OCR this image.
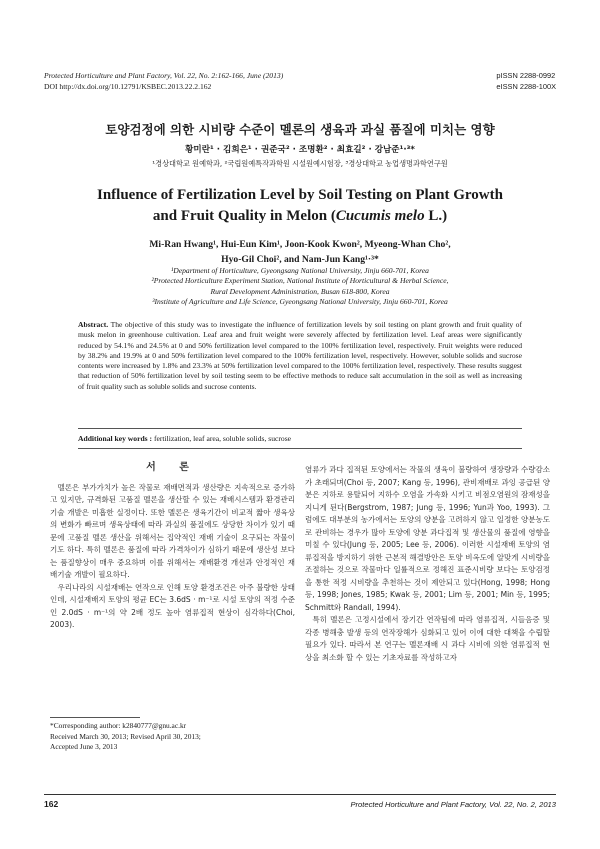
Protected Horticulture and Plant Factory, Vol. 22, No. 2:162-166, June (2013)
DOI http://dx.doi.org/10.12791/KSBEC.2013.22.2.162
pISSN 2288-0992
eISSN 2288-100X
토양검정에 의한 시비량 수준이 멜론의 생육과 과실 품질에 미치는 영향
황미란¹ · 김희은¹ · 권준국² · 조명환² · 최효길² · 강남준¹·³*
¹경상대학교 원예학과, ²국립원예특작과학원 시설원예시험장, ³경상대학교 농업생명과학연구원
Influence of Fertilization Level by Soil Testing on Plant Growth
and Fruit Quality in Melon (Cucumis melo L.)
Mi-Ran Hwang¹, Hui-Eun Kim¹, Joon-Kook Kwon², Myeong-Whan Cho²,
Hyo-Gil Choi², and Nam-Jun Kang¹·³*
¹Department of Horticulture, Gyeongsang National University, Jinju 660-701, Korea
²Protected Horticulture Experiment Station, National Institute of Horticultural & Herbal Science,
Rural Development Administration, Busan 618-800, Korea
³Institute of Agriculture and Life Science, Gyeongsang National University, Jinju 660-701, Korea
Abstract. The objective of this study was to investigate the influence of fertilization levels by soil testing on plant growth and fruit quality of musk melon in greenhouse cultivation. Leaf area and fruit weight were severely affected by fertilization level. Leaf areas were significantly reduced by 54.1% and 24.5% at 0 and 50% fertilization level compared to the 100% fertilization level, respectively. Fruit weights were reduced by 38.2% and 19.9% at 0 and 50% fertilization level compared to the 100% fertilization level, respectively. However, soluble solids and sucrose contents were increased by 1.8% and 23.3% at 50% fertilization level compared to the 100% fertilization level, respectively. These results suggest that reduction of 50% fertilization level by soil testing seem to be effective methods to reduce salt accumulation in the soil as well as increasing of fruit quality such as soluble solids and sucrose contents.
Additional key words : fertilization, leaf area, soluble solids, sucrose
서 론

멜론은 부가가치가 높은 작물로 재배면적과 생산량은 지속적으로 증가하고 있지만, 규격화된 고품질 멜론을 생산할 수 있는 재배시스템과 환경관리 기술 개발은 미흡한 실정이다. 또한 멜론은 생육기간이 비교적 짧아 생육상의 변화가 빠르며 생육상태에 따라 과실의 품질에도 상당한 차이가 있기 때문에 고품질 멜론 생산을 위해서는 집약적인 재배 기술이 요구되는 작물이기도 하다. 특히 멜론은 품질에 따라 가격차이가 심하기 때문에 생산성 보다는 품질향상이 매우 중요하며 이를 위해서는 재배환경 개선과 안정적인 재배기술 개발이 필요하다.

우리나라의 시설재배는 연작으로 인해 토양 환경조건은 아주 불량한 상태인데, 시설재배지 토양의 평균 EC는 3.6dS · m⁻¹로 시설 토양의 적정 수준인 2.0dS · m⁻¹의 약 2배 정도 높아 염류집적 현상이 심각하다(Choi, 2003).

염류가 과다 집적된 토양에서는 작물의 생육이 불량하여 생장량과 수량감소가 초래되며(Choi 등, 2007; Kang 등, 1996), 관비재배로 과잉 공급된 양분은 지하로 용탈되어 지하수 오염을 가속화 시키고 비점오염원의 잠재성을 지니게 된다(Bergstrom, 1987; Jung 등, 1996; Yun과 Yoo, 1993). 그럼에도 대부분의 농가에서는 토양의 양분을 고려하지 않고 일정한 양분농도로 관비하는 경우가 많아 토양에 양분 과다집적 및 생산물의 품질에 영향을 미칠 수 있다(Jung 등, 2005; Lee 등, 2006). 이러한 시설재배 토양의 염류집적을 방지하기 위한 근본적 해결방안은 토양 비옥도에 알맞게 시비량을 조절하는 것으로 작물마다 일률적으로 정해진 표준시비량 보다는 토양검정을 통한 적정 시비량을 추천하는 것이 제안되고 있다(Hong, 1998; Hong 등, 1998; Jones, 1985; Kwak 등, 2001; Lim 등, 2001; Min 등, 1995; Schmitt와 Randall, 1994).

특히 멜론은 고정시설에서 장기간 연작됨에 따라 염류집적, 시들음증 및 각종 병해충 발생 등의 연작장해가 심화되고 있어 이에 대한 대책을 수립할 필요가 있다. 따라서 본 연구는 멜론재배 시 과다 시비에 의한 염류집적 현상을 최소화 할 수 있는 기초자료를 작성하고자

*Corresponding author: k2840777@gnu.ac.kr
Received March 30, 2013; Revised April 30, 2013;
Accepted June 3, 2013
162	Protected Horticulture and Plant Factory, Vol. 22, No. 2, 2013
